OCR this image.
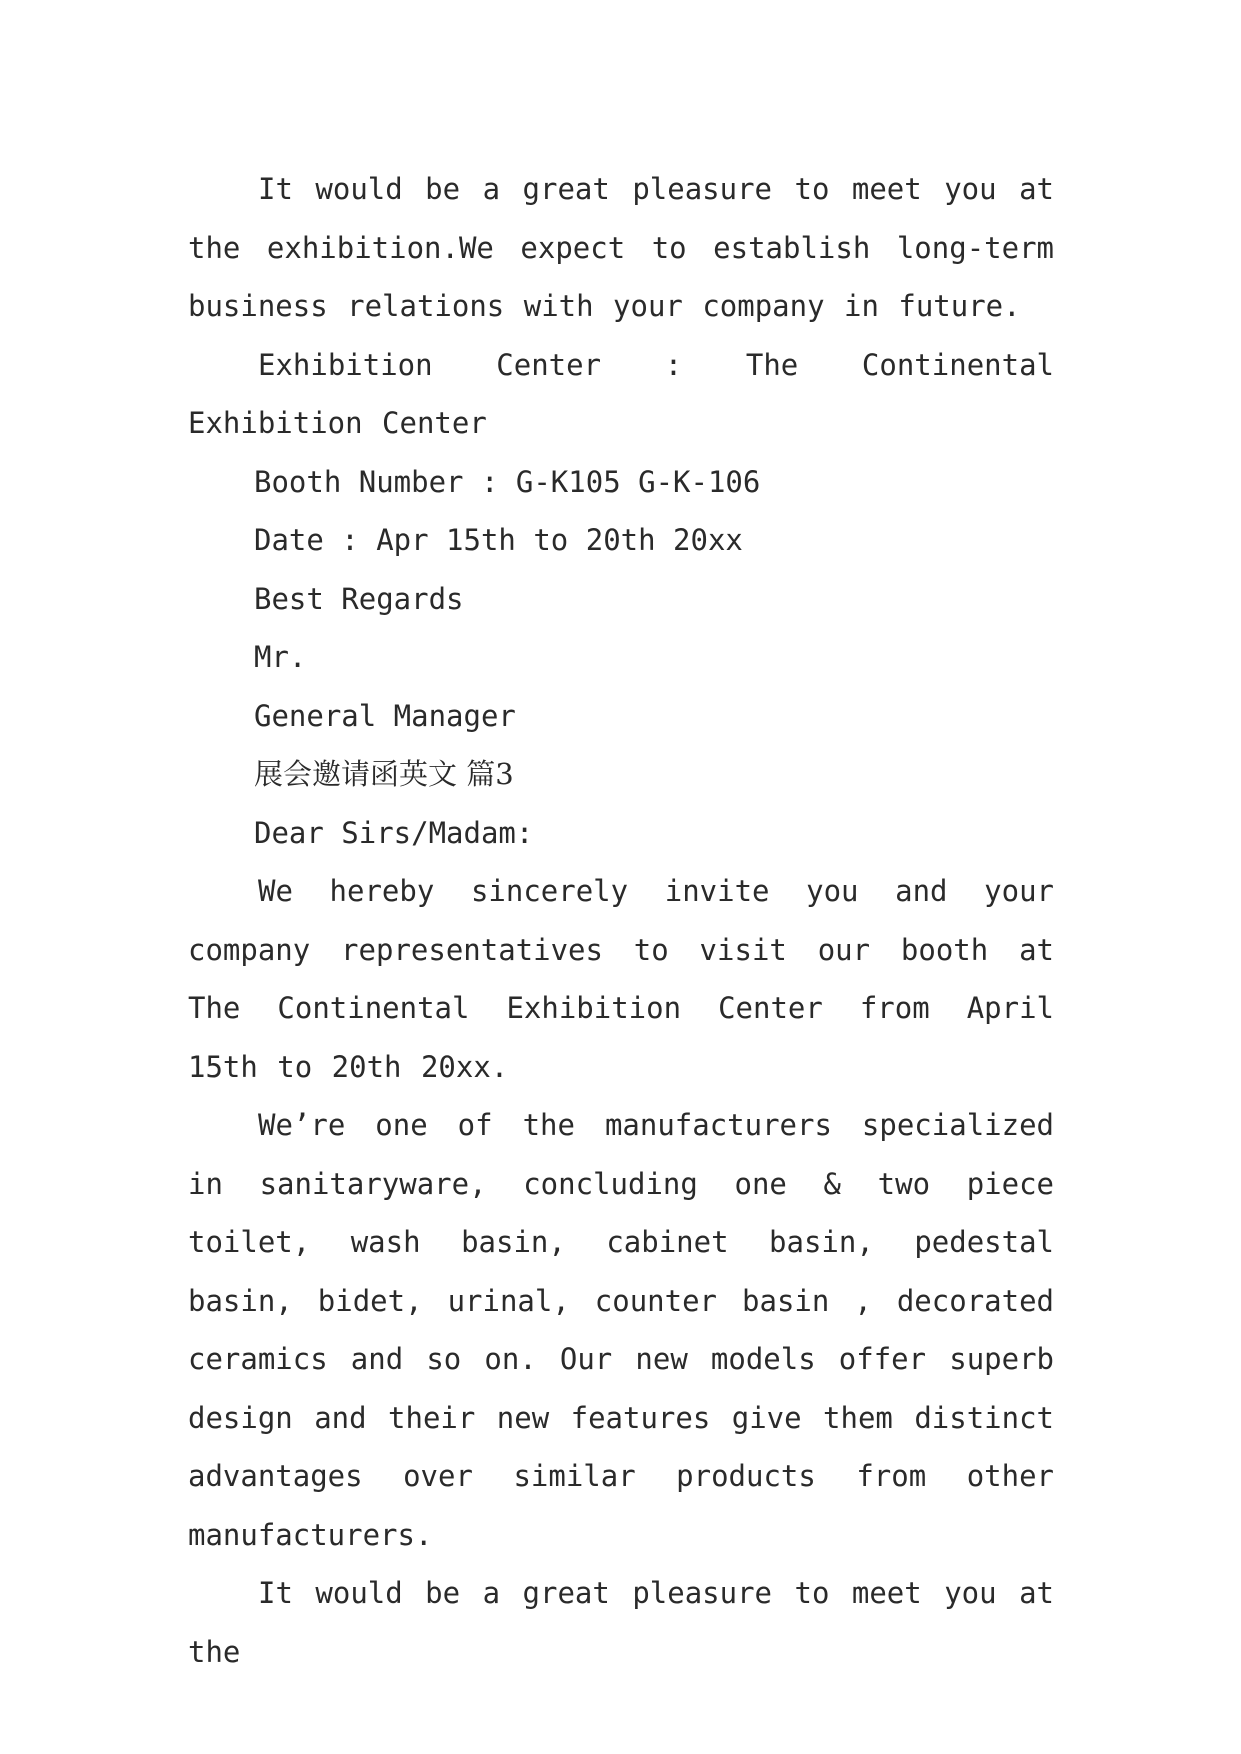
It would be a great pleasure to meet you at the exhibition.We expect to establish long-term business relations with your company in future.

Exhibition Center : The Continental Exhibition Center

Booth Number : G-K105 G-K-106

Date : Apr 15th to 20th 20xx

Best Regards

Mr.

General Manager

展会邀请函英文 篇3

Dear Sirs/Madam:

We hereby sincerely invite you and your company representatives to visit our booth at The Continental Exhibition Center from April 15th to 20th 20xx.

We’re one of the manufacturers specialized in sanitaryware, concluding one & two piece toilet, wash basin, cabinet basin, pedestal basin, bidet, urinal, counter basin , decorated ceramics and so on. Our new models offer superb design and their new features give them distinct advantages over similar products from other manufacturers.

It would be a great pleasure to meet you at the
